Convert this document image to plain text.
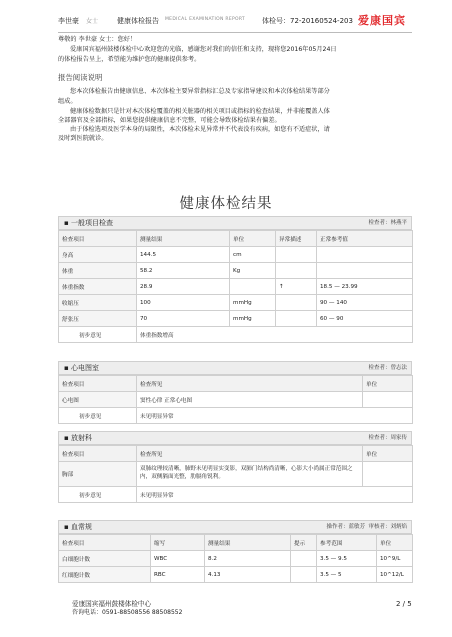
李世豪 女士	健康体检报告 MEDICAL EXAMINATION REPORT 体检号：72-20160524-203 爱康国宾
尊敬的 李世豪 女士：您好！
爱康国宾福州鼓楼体检中心欢迎您的光临，感谢您对我们的信任和支持，现将您2016年05月24日
的体检报告呈上，希望能为维护您的健康提供参考。
报告阅读说明
您本次体检报告由健康信息、本次体检主要异常指标汇总及专家指导建议和本次体检结果等部分
组成。
健康体检数据只是针对本次体检覆盖的相关脏器的相关项目或指标的检查结果，并非能覆盖人体
全部器官及全部指标，如果您提供健康信息不完整，可能会导致体检结果有偏差。
由于体检选项及医学本身的局限性，本次体检未见异常并不代表没有疾病，如您有不适症状，请
及时到医院就诊。
健康体检结果
▪ 一般项目检查	检查者：林燕平
检查项目	测量结果	单位	异常描述	正常参考值
身高	144.5	cm		
体重	58.2	Kg		
体重指数	28.9		↑	18.5 — 23.99
收缩压	100	mmHg		90 — 140
舒张压	70	mmHg		60 — 90
初步意见	体重指数增高			
▪ 心电图室	检查者：曾志法
检查项目	检查所见	单位
心电图	窦性心律 正常心电图	
初步意见	未见明显异常	
▪ 放射科	检查者：周家传
检查项目	检查所见	单位
胸部	双肺纹理较清晰，肺野未见明显实变影，双肺门结构尚清晰，心影大小尚属正常范围之内，双侧膈面光整，肋膈角锐利。	
初步意见	未见明显异常	
▪ 血常规	操作者：蓝敏芳 审核者：刘炳焰
检查项目	缩写	测量结果	提示	参考范围	单位
白细胞计数	WBC	8.2		3.5 — 9.5	10^9/L
红细胞计数	RBC	4.13		3.5 — 5	10^12/L
爱康国宾福州鼓楼体检中心
咨询电话：0591-88508556 88508552
2 / 5
